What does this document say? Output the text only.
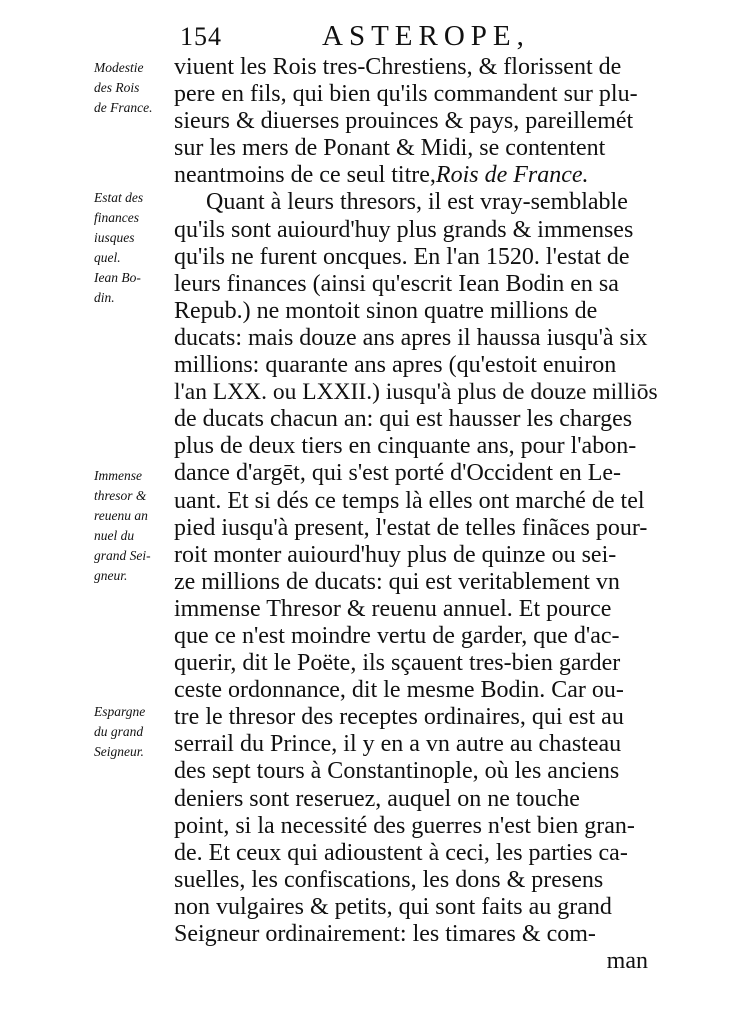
154	ASTEROPE,
Modestie
des Rois
de France.
Estat des
finances
iusques
quel.
Iean Bo-
din.
Immense
thresor &
reuenu an
nuel du
grand Sei-
gneur.
Espargne
du grand
Seigneur.
viuent les Rois tres-Chrestiens, & florissent de
pere en fils, qui bien qu'ils commandent sur plu-
sieurs & diuerses prouinces & pays, pareillemét
sur les mers de Ponant & Midi, se contentent
neantmoins de ce seul titre,Rois de France.
Quant à leurs thresors, il est vray-semblable
qu'ils sont auiourd'huy plus grands & immenses
qu'ils ne furent oncques. En l'an 1520. l'estat de
leurs finances (ainsi qu'escrit Iean Bodin en sa
Repub.) ne montoit sinon quatre millions de
ducats: mais douze ans apres il haussa iusqu'à six
millions: quarante ans apres (qu'estoit enuiron
l'an LXX. ou LXXII.) iusqu'à plus de douze milliōs
de ducats chacun an: qui est hausser les charges
plus de deux tiers en cinquante ans, pour l'abon-
dance d'argēt, qui s'est porté d'Occident en Le-
uant. Et si dés ce temps là elles ont marché de tel
pied iusqu'à present, l'estat de telles finãces pour-
roit monter auiourd'huy plus de quinze ou sei-
ze millions de ducats: qui est veritablement vn
immense Thresor & reuenu annuel. Et pource
que ce n'est moindre vertu de garder, que d'ac-
querir, dit le Poëte, ils sçauent tres-bien garder
ceste ordonnance, dit le mesme Bodin. Car ou-
tre le thresor des receptes ordinaires, qui est au
serrail du Prince, il y en a vn autre au chasteau
des sept tours à Constantinople, où les anciens
deniers sont reseruez, auquel on ne touche
point, si la necessité des guerres n'est bien gran-
de. Et ceux qui adioustent à ceci, les parties ca-
suelles, les confiscations, les dons & presens
non vulgaires & petits, qui sont faits au grand
Seigneur ordinairement: les timares & com-
man
